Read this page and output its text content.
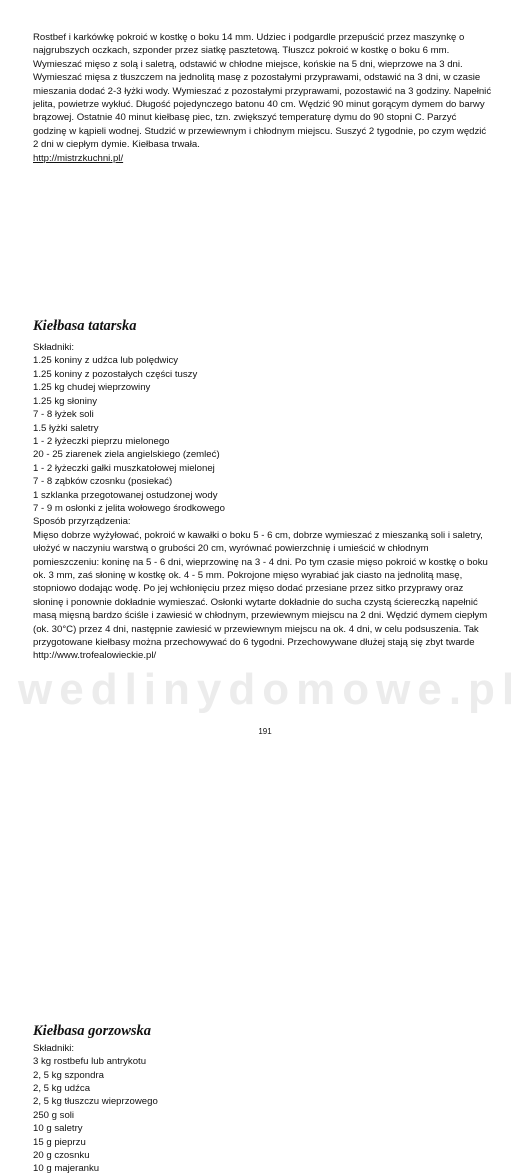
wedlinydomowe.pl
Rostbef i karkówkę pokroić w kostkę o boku 14 mm. Udziec i podgardle przepuścić przez maszynkę o
najgrubszych oczkach, szponder przez siatkę pasztetową. Tłuszcz pokroić w kostkę o boku 6 mm.
Wymieszać mięso z solą i saletrą, odstawić w chłodne miejsce, końskie na 5 dni, wieprzowe na 3 dni.
Wymieszać mięsa z tłuszczem na jednolitą masę z pozostałymi przyprawami, odstawić na 3 dni, w czasie
mieszania dodać 2-3 łyżki wody. Wymieszać z pozostałymi przyprawami, pozostawić na 3 godziny. Napełnić
jelita, powietrze wykłuć. Długość pojedynczego batonu 40 cm. Wędzić 90 minut gorącym dymem do barwy
brązowej. Ostatnie 40 minut kiełbasę piec, tzn. zwiększyć temperaturę dymu do 90 stopni C. Parzyć
godzinę w kąpieli wodnej. Studzić w przewiewnym i chłodnym miejscu. Suszyć 2 tygodnie, po czym wędzić
2 dni w ciepłym dymie. Kiełbasa trwała.
http://mistrzkuchni.pl/
Kiełbasa tatarska
Składniki:
1.25 koniny z udźca lub polędwicy
1.25 koniny z pozostałych części tuszy
1.25 kg chudej wieprzowiny
1.25 kg słoniny
7 - 8 łyżek soli
1.5 łyżki saletry
1 - 2 łyżeczki pieprzu mielonego
20 - 25 ziarenek ziela angielskiego (zemleć)
1 - 2 łyżeczki gałki muszkatołowej mielonej
7 - 8 ząbków czosnku (posiekać)
1 szklanka przegotowanej ostudzonej wody
7 - 9 m osłonki z jelita wołowego środkowego
Sposób przyrządzenia:
Mięso dobrze wyżyłować, pokroić w kawałki o boku 5 - 6 cm, dobrze wymieszać z mieszanką soli i saletry,
ułożyć w naczyniu warstwą o grubości 20 cm, wyrównać powierzchnię i umieścić w chłodnym
pomieszczeniu: koninę na 5 - 6 dni, wieprzowinę na 3 - 4 dni. Po tym czasie mięso pokroić w kostkę o boku
ok. 3 mm, zaś słoninę w kostkę ok. 4 - 5 mm. Pokrojone mięso wyrabiać jak ciasto na jednolitą masę,
stopniowo dodając wodę. Po jej wchłonięciu przez mięso dodać przesiane przez sitko przyprawy oraz
słoninę i ponownie dokładnie wymieszać. Osłonki wytarte dokładnie do sucha czystą ściereczką napełnić
masą mięsną bardzo ściśle i zawiesić w chłodnym, przewiewnym miejscu na 2 dni. Wędzić dymem ciepłym
(ok. 30°C) przez 4 dni, następnie zawiesić w przewiewnym miejscu na ok. 4 dni, w celu podsuszenia. Tak
przygotowane kiełbasy można przechowywać do 6 tygodni. Przechowywane dłużej stają się zbyt twarde
http://www.trofealowieckie.pl/
Kiełbasa gorzowska
Składniki:
3 kg rostbefu lub antrykotu
2, 5 kg szpondra
2, 5 kg udźca
2, 5 kg tłuszczu wieprzowego
250 g soli
10 g saletry
15 g pieprzu
20 g czosnku
10 g majeranku
191
